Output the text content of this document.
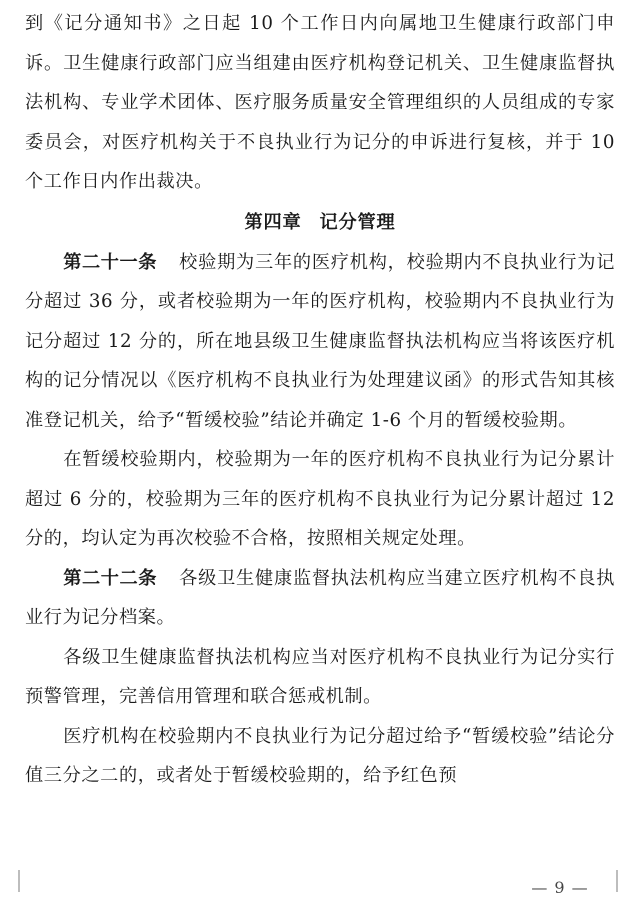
到《记分通知书》之日起 10 个工作日内向属地卫生健康行政部门申诉。卫生健康行政部门应当组建由医疗机构登记机关、卫生健康监督执法机构、专业学术团体、医疗服务质量安全管理组织的人员组成的专家委员会，对医疗机构关于不良执业行为记分的申诉进行复核，并于 10 个工作日内作出裁决。

第四章 记分管理

第二十一条 校验期为三年的医疗机构，校验期内不良执业行为记分超过 36 分，或者校验期为一年的医疗机构，校验期内不良执业行为记分超过 12 分的，所在地县级卫生健康监督执法机构应当将该医疗机构的记分情况以《医疗机构不良执业行为处理建议函》的形式告知其核准登记机关，给予“暂缓校验”结论并确定 1-6 个月的暂缓校验期。

在暂缓校验期内，校验期为一年的医疗机构不良执业行为记分累计超过 6 分的，校验期为三年的医疗机构不良执业行为记分累计超过 12 分的，均认定为再次校验不合格，按照相关规定处理。

第二十二条 各级卫生健康监督执法机构应当建立医疗机构不良执业行为记分档案。

各级卫生健康监督执法机构应当对医疗机构不良执业行为记分实行预警管理，完善信用管理和联合惩戒机制。

医疗机构在校验期内不良执业行为记分超过给予“暂缓校验”结论分值三分之二的，或者处于暂缓校验期的，给予红色预

— 9 —
